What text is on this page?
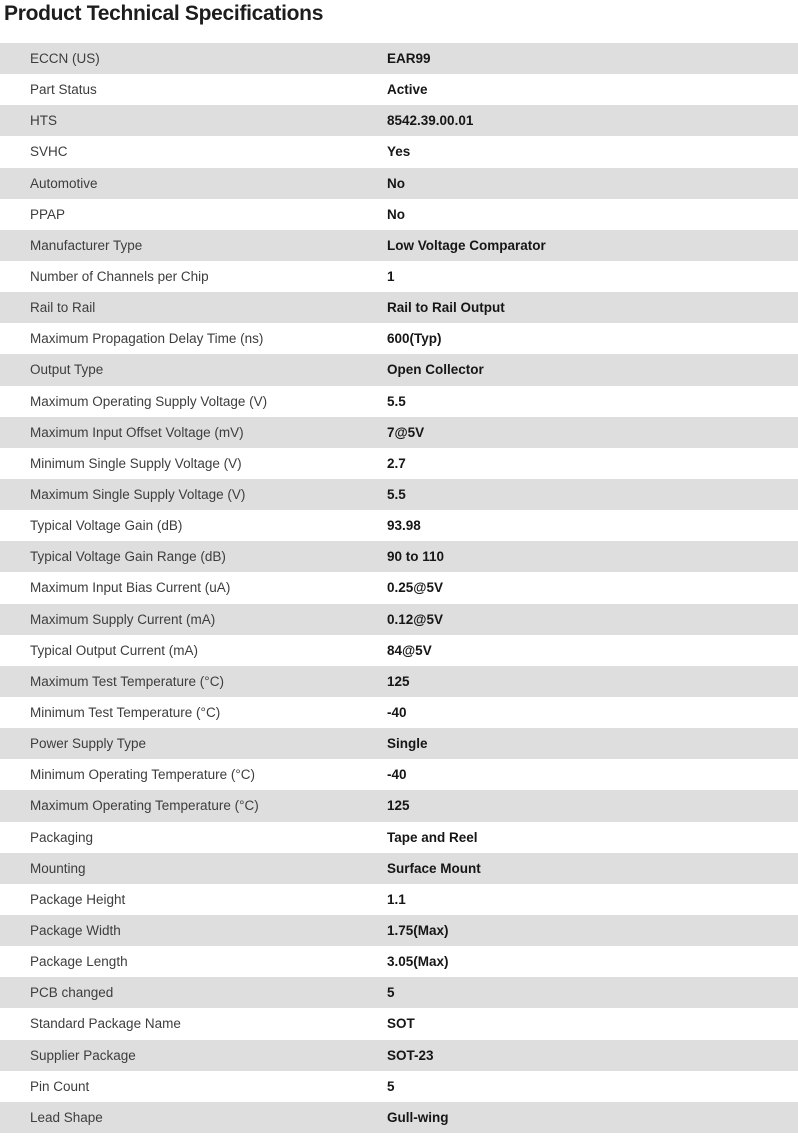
Product Technical Specifications
ECCN (US)	EAR99
Part Status	Active
HTS	8542.39.00.01
SVHC	Yes
Automotive	No
PPAP	No
Manufacturer Type	Low Voltage Comparator
Number of Channels per Chip	1
Rail to Rail	Rail to Rail Output
Maximum Propagation Delay Time (ns)	600(Typ)
Output Type	Open Collector
Maximum Operating Supply Voltage (V)	5.5
Maximum Input Offset Voltage (mV)	7@5V
Minimum Single Supply Voltage (V)	2.7
Maximum Single Supply Voltage (V)	5.5
Typical Voltage Gain (dB)	93.98
Typical Voltage Gain Range (dB)	90 to 110
Maximum Input Bias Current (uA)	0.25@5V
Maximum Supply Current (mA)	0.12@5V
Typical Output Current (mA)	84@5V
Maximum Test Temperature (°C)	125
Minimum Test Temperature (°C)	-40
Power Supply Type	Single
Minimum Operating Temperature (°C)	-40
Maximum Operating Temperature (°C)	125
Packaging	Tape and Reel
Mounting	Surface Mount
Package Height	1.1
Package Width	1.75(Max)
Package Length	3.05(Max)
PCB changed	5
Standard Package Name	SOT
Supplier Package	SOT-23
Pin Count	5
Lead Shape	Gull-wing
